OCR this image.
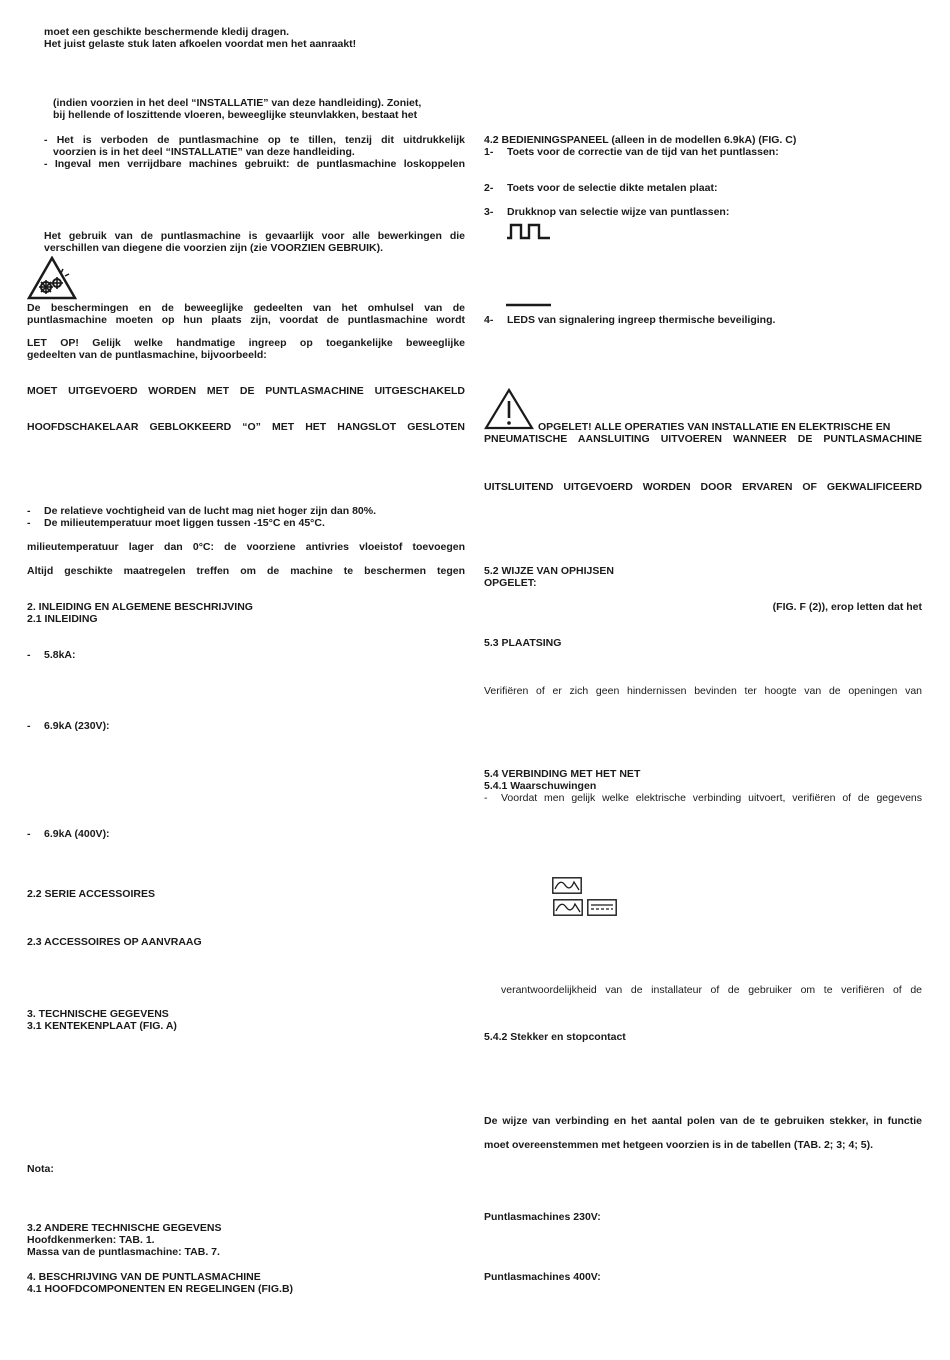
moet een geschikte beschermende kledij dragen.
Het juist gelaste stuk laten afkoelen voordat men het aanraakt!
(indien voorzien in het deel “INSTALLATIE” van deze handleiding). Zoniet,
bij hellende of loszittende vloeren, beweeglijke steunvlakken, bestaat het
- Het is verboden de puntlasmachine op te tillen, tenzij dit uitdrukkelijk
voorzien is in het deel “INSTALLATIE” van deze handleiding.
- Ingeval men verrijdbare machines gebruikt: de puntlasmachine loskoppelen
Het gebruik van de puntlasmachine is gevaarlijk voor alle bewerkingen die
verschillen van diegene die voorzien zijn (zie VOORZIEN GEBRUIK).
De beschermingen en de beweeglijke gedeelten van het omhulsel van de
puntlasmachine moeten op hun plaats zijn, voordat de puntlasmachine wordt
LET OP! Gelijk welke handmatige ingreep op toegankelijke beweeglijke
gedeelten van de puntlasmachine, bijvoorbeeld:
MOET UITGEVOERD WORDEN MET DE PUNTLASMACHINE UITGESCHAKELD
HOOFDSCHAKELAAR GEBLOKKEERD “O” MET HET HANGSLOT GESLOTEN
- De relatieve vochtigheid van de lucht mag niet hoger zijn dan 80%.
- De milieutemperatuur moet liggen tussen -15°C en 45°C.
milieutemperatuur lager dan 0°C: de voorziene antivries vloeistof toevoegen
Altijd geschikte maatregelen treffen om de machine te beschermen tegen
2. INLEIDING EN ALGEMENE BESCHRIJVING
2.1 INLEIDING
- 5.8kA:
- 6.9kA (230V):
- 6.9kA (400V):
2.2 SERIE ACCESSOIRES
2.3 ACCESSOIRES OP AANVRAAG
3. TECHNISCHE GEGEVENS
3.1 KENTEKENPLAAT (FIG. A)
Nota:
3.2 ANDERE TECHNISCHE GEGEVENS
Hoofdkenmerken: TAB. 1.
Massa van de puntlasmachine: TAB. 7.
4. BESCHRIJVING VAN DE PUNTLASMACHINE
4.1 HOOFDCOMPONENTEN EN REGELINGEN (FIG.B)
4.2 BEDIENINGSPANEEL (alleen in de modellen 6.9kA) (FIG. C)
1- Toets voor de correctie van de tijd van het puntlassen:
2- Toets voor de selectie dikte metalen plaat:
3- Drukknop van selectie wijze van puntlassen:
4- LEDS van signalering ingreep thermische beveiliging.
OPGELET! ALLE OPERATIES VAN INSTALLATIE EN ELEKTRISCHE EN
PNEUMATISCHE AANSLUITING UITVOEREN WANNEER DE PUNTLASMACHINE
UITSLUITEND UITGEVOERD WORDEN DOOR ERVAREN OF GEKWALIFICEERD
5.2 WIJZE VAN OPHIJSEN
OPGELET:
(FIG. F (2)), erop letten dat het
5.3 PLAATSING
Verifiëren of er zich geen hindernissen bevinden ter hoogte van de openingen van
5.4 VERBINDING MET HET NET
5.4.1 Waarschuwingen
- Voordat men gelijk welke elektrische verbinding uitvoert, verifiëren of de gegevens
verantwoordelijkheid van de installateur of de gebruiker om te verifiëren of de
5.4.2 Stekker en stopcontact
De wijze van verbinding en het aantal polen van de te gebruiken stekker, in functie
moet overeenstemmen met hetgeen voorzien is in de tabellen (TAB. 2; 3; 4; 5).
Puntlasmachines 230V:
Puntlasmachines 400V:
